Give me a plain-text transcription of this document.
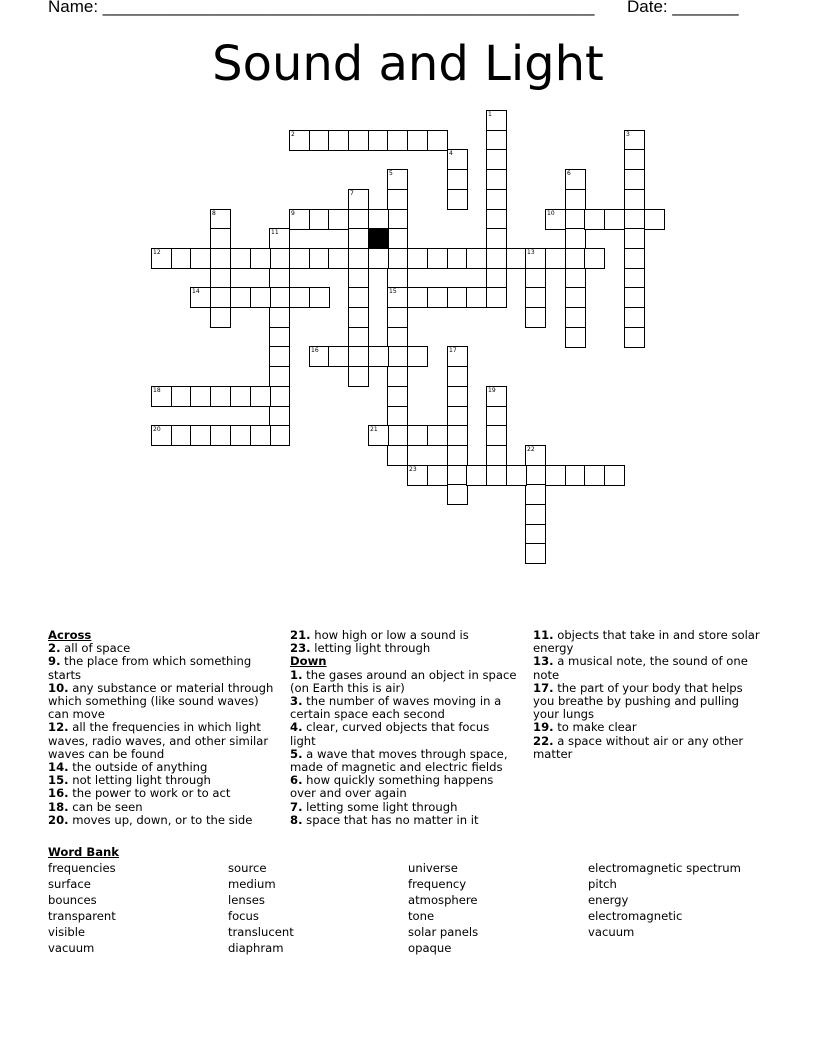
Name: ____________________________________________________ Date: _______
Sound and Light
1
2	3
4
5
15
6
7
8	9	10
11
12	13
14
16	17
18	19
20	21
22
23
Across
2. all of space
9. the place from which something starts
10. any substance or material through which something (like sound waves) can move
12. all the frequencies in which light waves, radio waves, and other similar waves can be found
14. the outside of anything
15. not letting light through
16. the power to work or to act
18. can be seen
20. moves up, down, or to the side
21. how high or low a sound is
23. letting light through
Down
1. the gases around an object in space (on Earth this is air)
3. the number of waves moving in a certain space each second
4. clear, curved objects that focus light
5. a wave that moves through space, made of magnetic and electric fields
6. how quickly something happens over and over again
7. letting some light through
8. space that has no matter in it
11. objects that take in and store solar energy
13. a musical note, the sound of one note
17. the part of your body that helps you breathe by pushing and pulling your lungs
19. to make clear
22. a space without air or any other matter
Word Bank
frequencies
surface
bounces
transparent
visible
vacuum
source
medium
lenses
focus
translucent
diaphram
universe
frequency
atmosphere
tone
solar panels
opaque
electromagnetic spectrum
pitch
energy
electromagnetic
vacuum
